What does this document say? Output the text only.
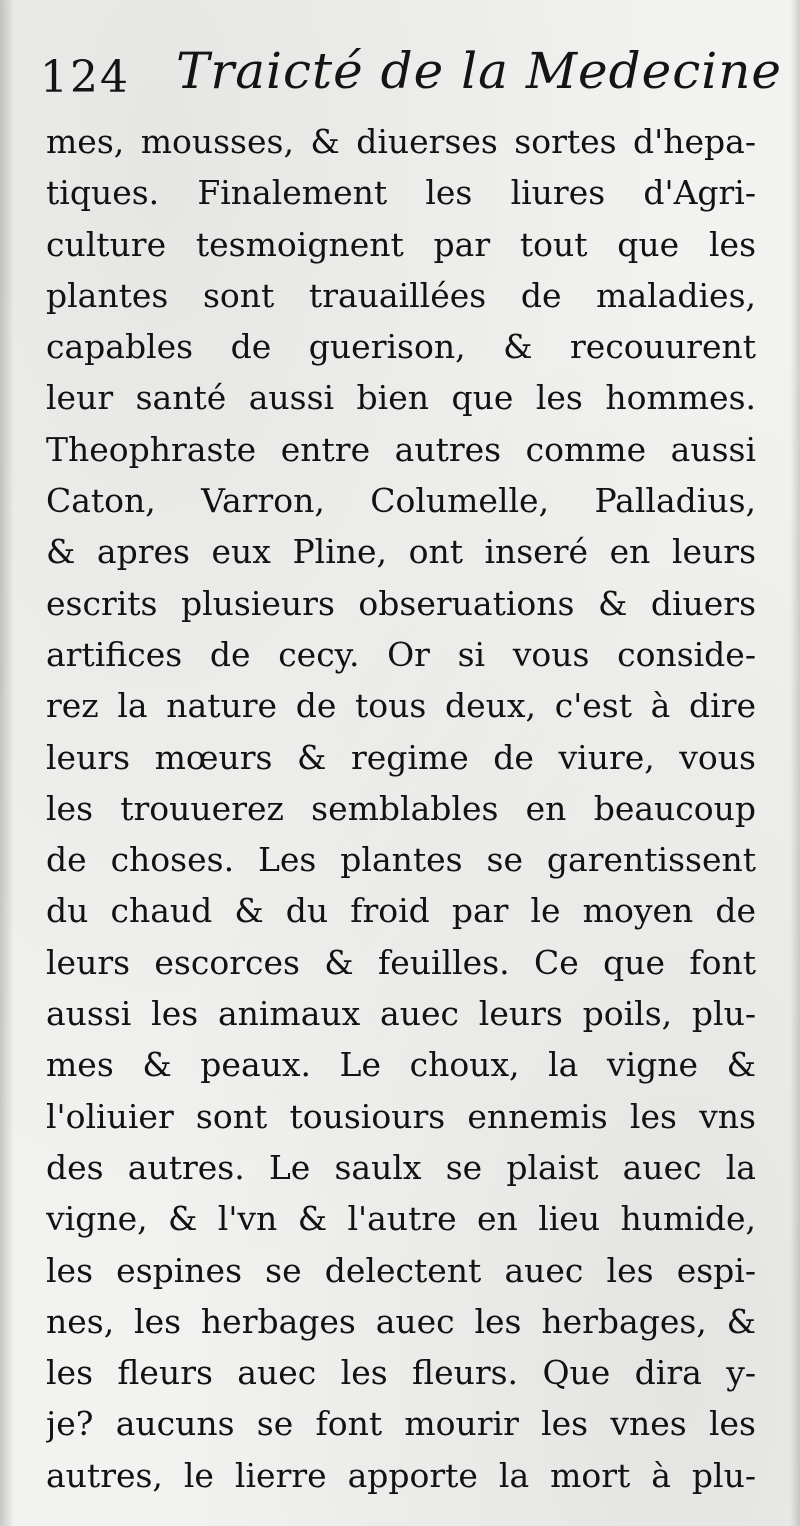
124 Traicté de la Medecine
mes, mousses, & diuerses sortes d'hepa-
tiques. Finalement les liures d'Agri-
culture tesmoignent par tout que les
plantes sont trauaillées de maladies,
capables de guerison, & recouurent
leur santé aussi bien que les hommes.
Theophraste entre autres comme aussi
Caton, Varron, Columelle, Palladius,
& apres eux Pline, ont inseré en leurs
escrits plusieurs obseruations & diuers
artifices de cecy. Or si vous conside-
rez la nature de tous deux, c'est à dire
leurs mœurs & regime de viure, vous
les trouuerez semblables en beaucoup
de choses. Les plantes se garentissent
du chaud & du froid par le moyen de
leurs escorces & feuilles. Ce que font
aussi les animaux auec leurs poils, plu-
mes & peaux. Le choux, la vigne &
l'oliuier sont tousiours ennemis les vns
des autres. Le saulx se plaist auec la
vigne, & l'vn & l'autre en lieu humide,
les espines se delectent auec les espi-
nes, les herbages auec les herbages, &
les fleurs auec les fleurs. Que dira y-
je? aucuns se font mourir les vnes les
autres, le lierre apporte la mort à plu-
